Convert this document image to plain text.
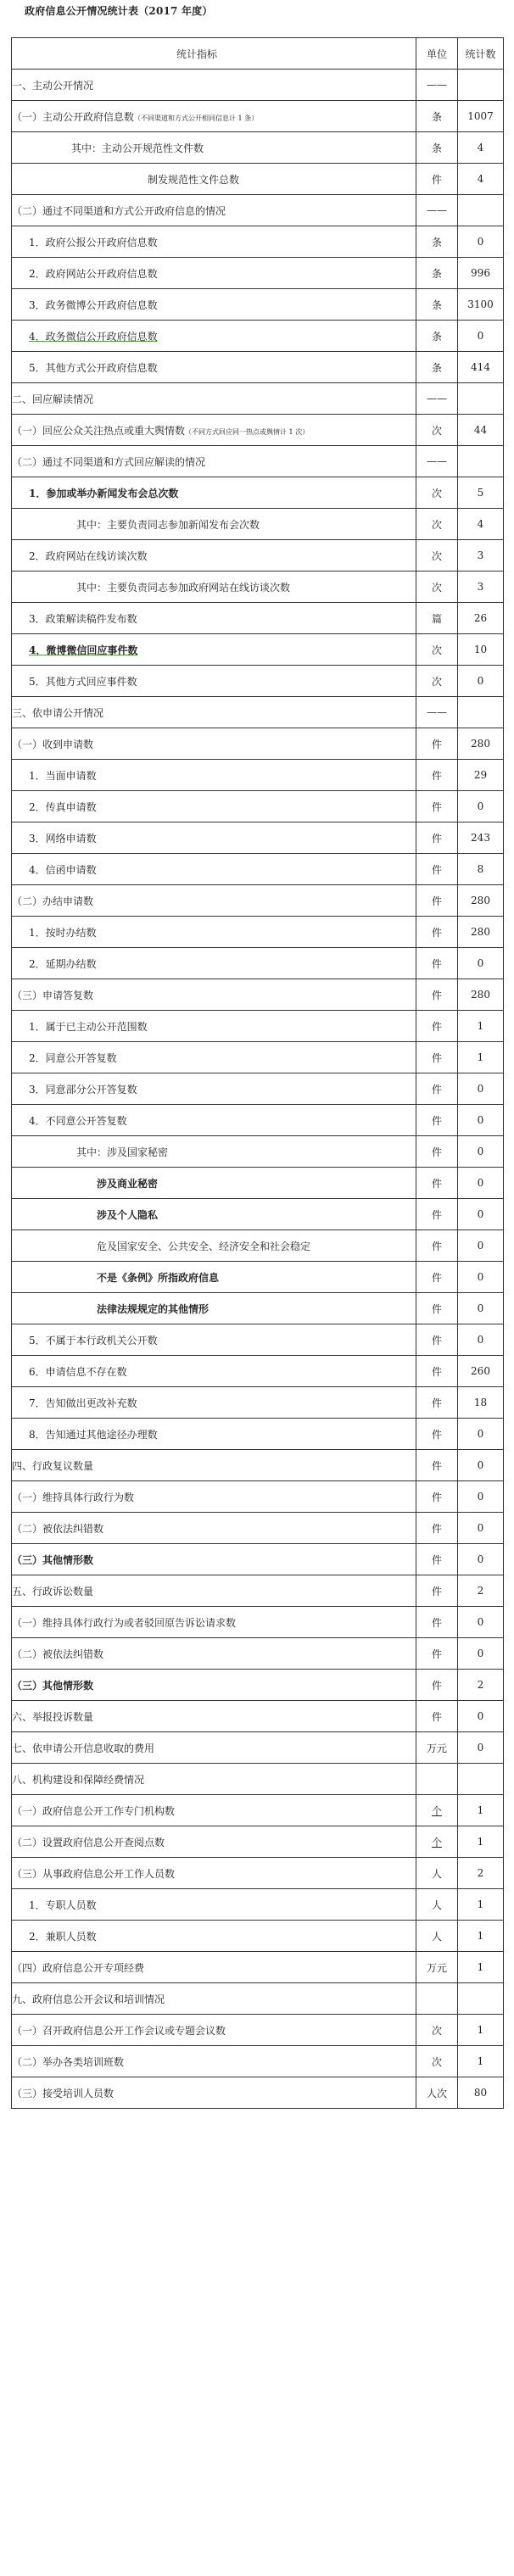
政府信息公开情况统计表（2017 年度）
统计指标	单位	统计数
一、主动公开情况	——	
（一）主动公开政府信息数（不同渠道和方式公开相同信息计 1 条）	条	1007
其中：主动公开规范性文件数	条	4
制发规范性文件总数	件	4
（二）通过不同渠道和方式公开政府信息的情况	——	
1．政府公报公开政府信息数	条	0
2．政府网站公开政府信息数	条	996
3．政务微博公开政府信息数	条	3100
4．政务微信公开政府信息数	条	0
5．其他方式公开政府信息数	条	414
二、回应解读情况	——	
（一）回应公众关注热点或重大舆情数（不同方式回应同一热点或舆情计 1 次）	次	44
（二）通过不同渠道和方式回应解读的情况	——	
1．参加或举办新闻发布会总次数	次	5
其中：主要负责同志参加新闻发布会次数	次	4
2．政府网站在线访谈次数	次	3
其中：主要负责同志参加政府网站在线访谈次数	次	3
3．政策解读稿件发布数	篇	26
4．微博微信回应事件数	次	10
5．其他方式回应事件数	次	0
三、依申请公开情况	——	
（一）收到申请数	件	280
1．当面申请数	件	29
2．传真申请数	件	0
3．网络申请数	件	243
4．信函申请数	件	8
（二）办结申请数	件	280
1．按时办结数	件	280
2．延期办结数	件	0
（三）申请答复数	件	280
1．属于已主动公开范围数	件	1
2．同意公开答复数	件	1
3．同意部分公开答复数	件	0
4．不同意公开答复数	件	0
其中：涉及国家秘密	件	0
涉及商业秘密	件	0
涉及个人隐私	件	0
危及国家安全、公共安全、经济安全和社会稳定	件	0
不是《条例》所指政府信息	件	0
法律法规规定的其他情形	件	0
5．不属于本行政机关公开数	件	0
6．申请信息不存在数	件	260
7．告知做出更改补充数	件	18
8．告知通过其他途径办理数	件	0
四、行政复议数量	件	0
（一）维持具体行政行为数	件	0
（二）被依法纠错数	件	0
（三）其他情形数	件	0
五、行政诉讼数量	件	2
（一）维持具体行政行为或者驳回原告诉讼请求数	件	0
（二）被依法纠错数	件	0
（三）其他情形数	件	2
六、举报投诉数量	件	0
七、依申请公开信息收取的费用	万元	0
八、机构建设和保障经费情况		
（一）政府信息公开工作专门机构数	个	1
（二）设置政府信息公开查阅点数	个	1
（三）从事政府信息公开工作人员数	人	2
1．专职人员数	人	1
2．兼职人员数	人	1
（四）政府信息公开专项经费	万元	1
九、政府信息公开会议和培训情况		
（一）召开政府信息公开工作会议或专题会议数	次	1
（二）举办各类培训班数	次	1
（三）接受培训人员数	人次	80
